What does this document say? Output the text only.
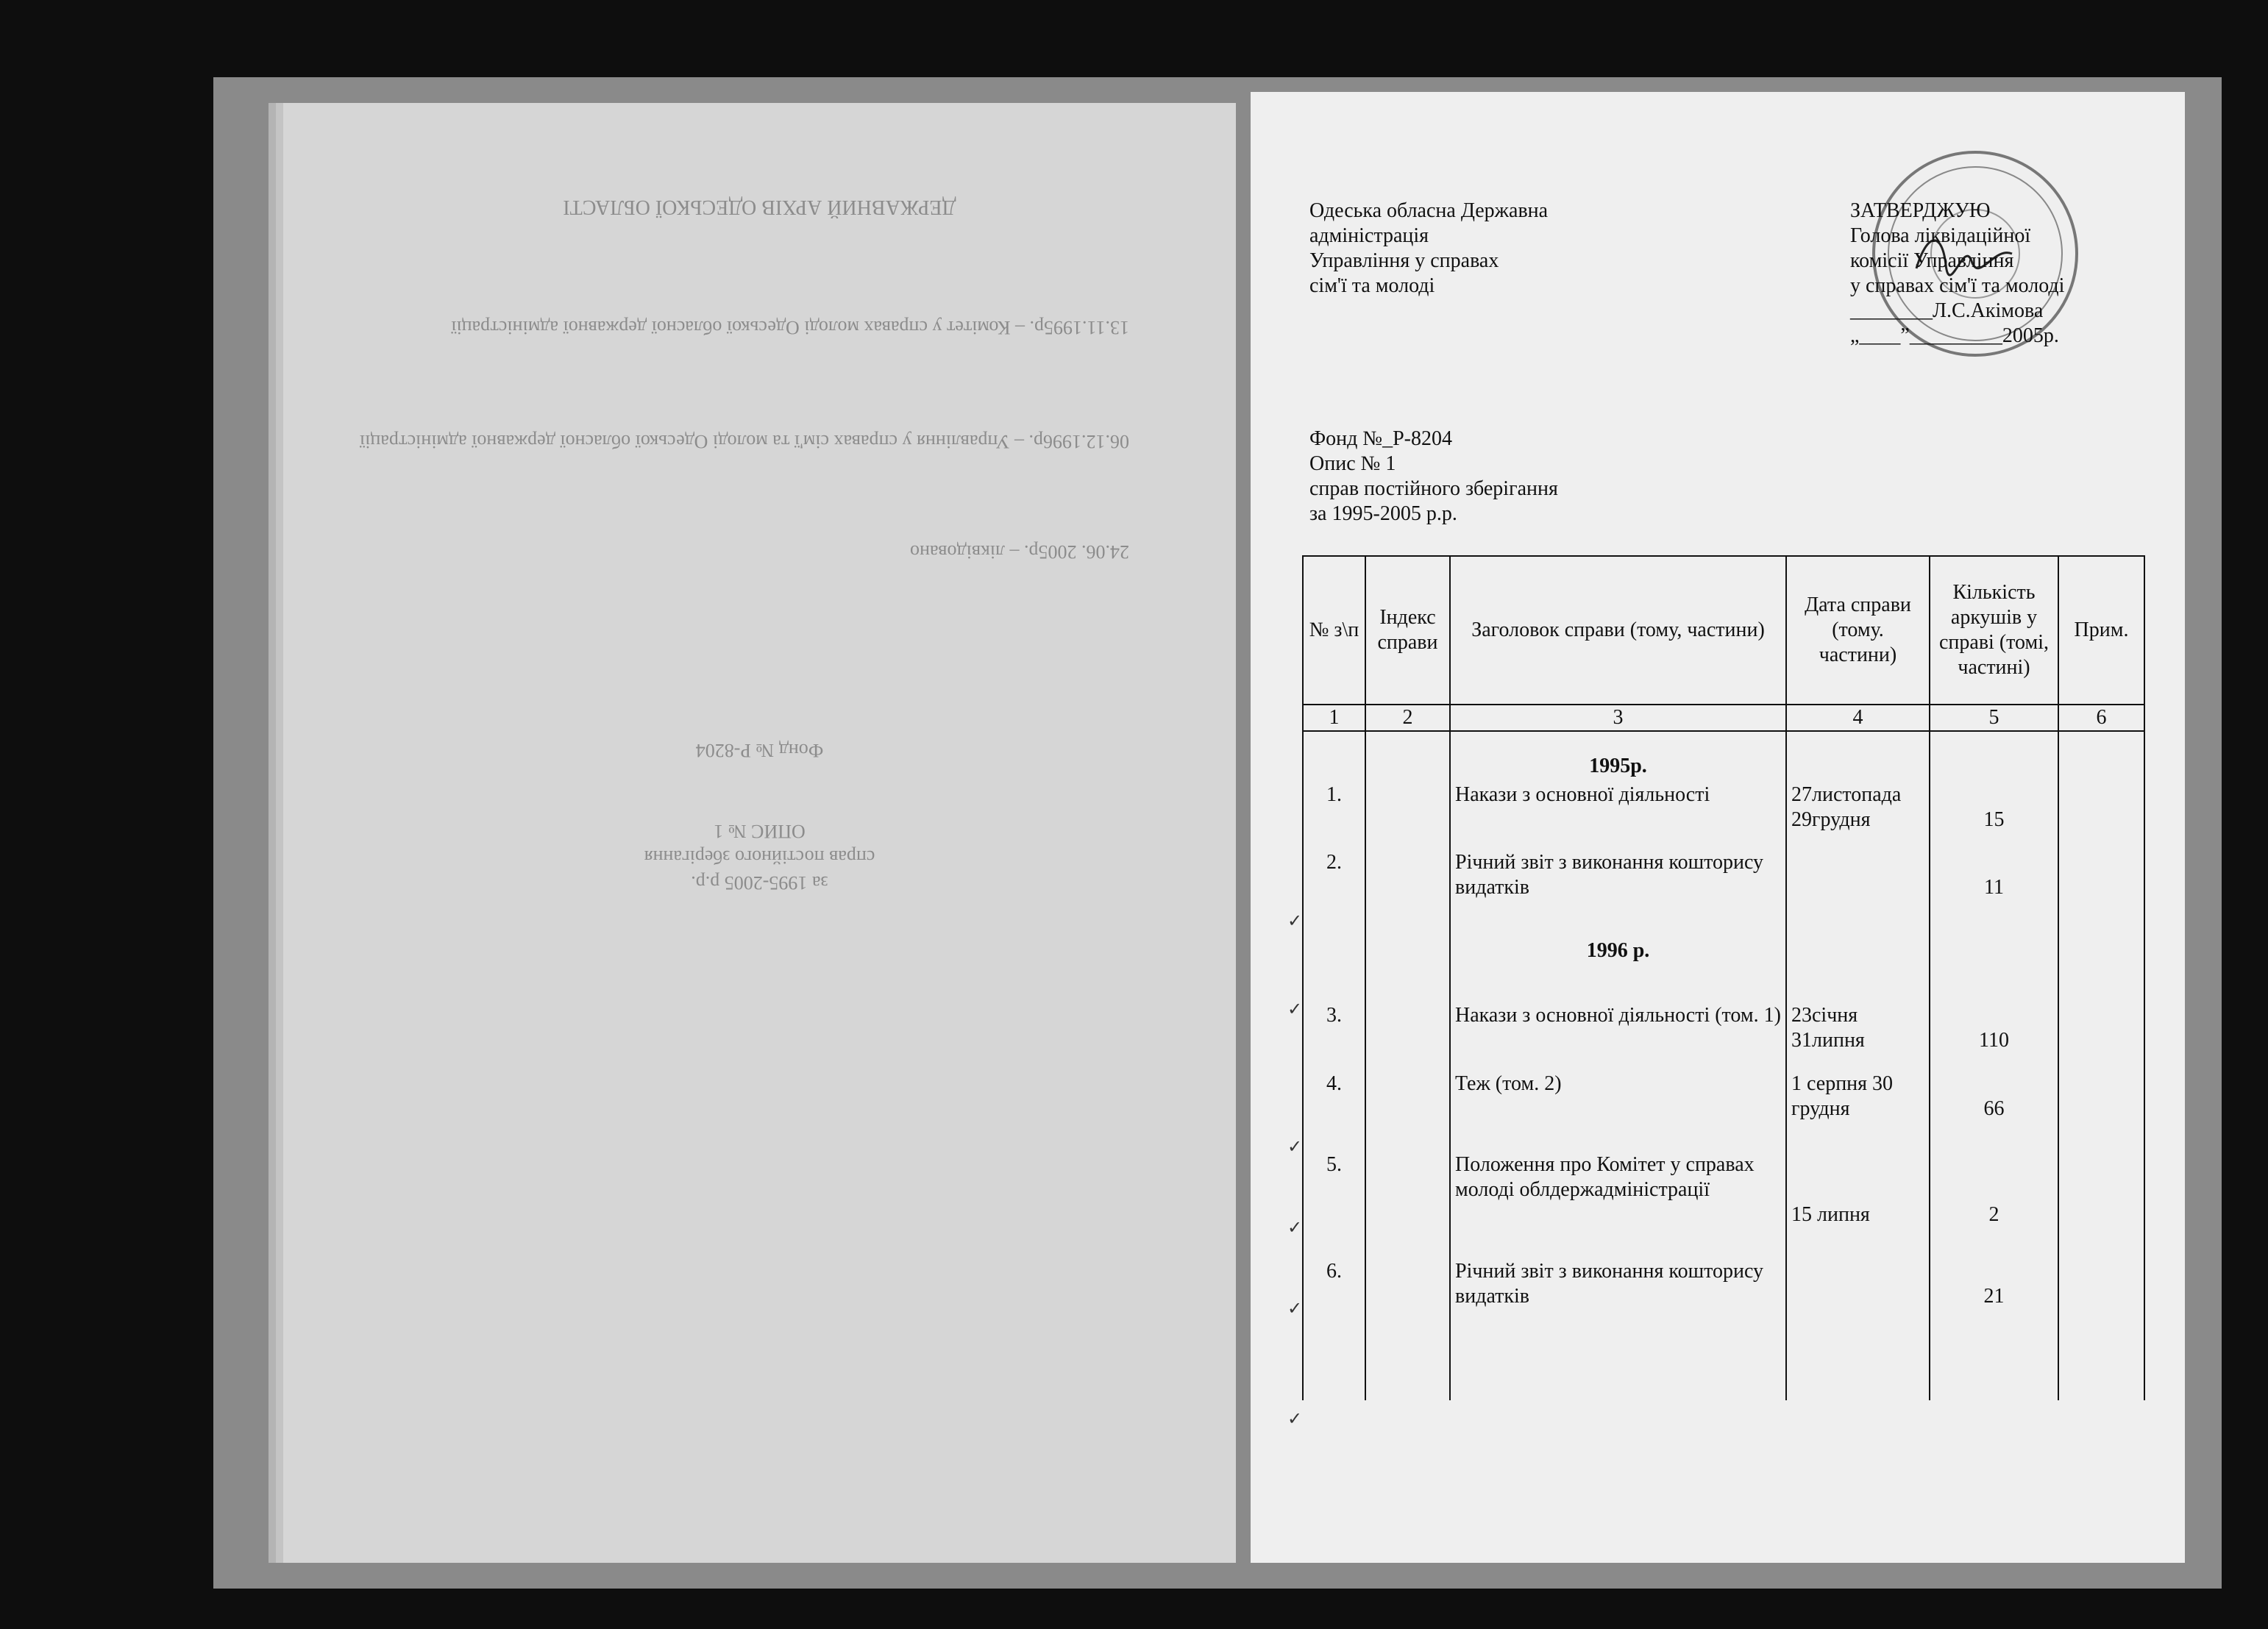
ДЕРЖАВНИЙ АРХІВ ОДЕСЬКОЇ ОБЛАСТІ
13.11.1995р. – Комітет у справах молоді Одеської обласної державної адміністрації
06.12.1996р. – Управління у справах сім'ї та молоді Одеської обласної державної адміністрації
24.06. 2005р. – ліквідовано
Фонд № Р-8204
за 1995-2005 р.р.
справ постійного зберігання
ОПИС № 1
Одеська обласна Державна
адміністрація
Управління у справах
сім'ї та молоді
ЗАТВЕРДЖУЮ
Голова ліквідаційної
комісії Управління
у справах сім'ї та молоді
________Л.С.Акімова
„____”_________2005р.
Фонд №_Р-8204
Опис № 1
справ постійного зберігання
за 1995-2005 р.р.
№ з\п	Індекс справи	Заголовок справи (тому, частини)	Дата справи (тому. частини)	Кількість аркушів у справі (томі, частині)	Прим.
1	2	3	4	5	6
		1995р.			
1.		Накази з основної діяльності	27листопада 29грудня	15	
2.		Річний звіт з виконання кошторису видатків		11	
		1996 р.			
3.		Накази з основної діяльності (том. 1)	23січня 31липня	110	
4.		Теж (том. 2)	1 серпня 30 грудня	66	
5.		Положення про Комітет у справах молоді облдержадміністрації	15 липня	2	
6.		Річний звіт з виконання кошторису видатків		21	
✓
✓
✓
✓
✓
✓
